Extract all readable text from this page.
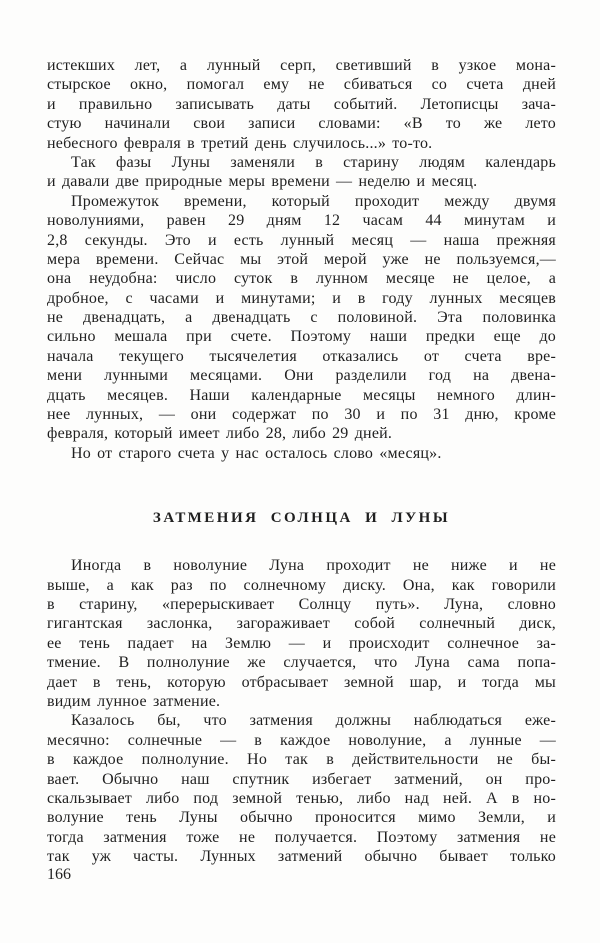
истекших лет, а лунный серп, светивший в узкое мона-
стырское окно, помогал ему не сбиваться со счета дней
и правильно записывать даты событий. Летописцы зача-
стую начинали свои записи словами: «В то же лето
небесного февраля в третий день случилось...» то-то.
Так фазы Луны заменяли в старину людям календарь
и давали две природные меры времени — неделю и месяц.
Промежуток времени, который проходит между двумя
новолуниями, равен 29 дням 12 часам 44 минутам и
2,8 секунды. Это и есть лунный месяц — наша прежняя
мера времени. Сейчас мы этой мерой уже не пользуемся,—
она неудобна: число суток в лунном месяце не целое, а
дробное, с часами и минутами; и в году лунных месяцев
не двенадцать, а двенадцать с половиной. Эта половинка
сильно мешала при счете. Поэтому наши предки еще до
начала текущего тысячелетия отказались от счета вре-
мени лунными месяцами. Они разделили год на двена-
дцать месяцев. Наши календарные месяцы немного длин-
нее лунных, — они содержат по 30 и по 31 дню, кроме
февраля, который имеет либо 28, либо 29 дней.
Но от старого счета у нас осталось слово «месяц».
ЗАТМЕНИЯ СОЛНЦА И ЛУНЫ
Иногда в новолуние Луна проходит не ниже и не
выше, а как раз по солнечному диску. Она, как говорили
в старину, «перерыскивает Солнцу путь». Луна, словно
гигантская заслонка, загораживает собой солнечный диск,
ее тень падает на Землю — и происходит солнечное за-
тмение. В полнолуние же случается, что Луна сама попа-
дает в тень, которую отбрасывает земной шар, и тогда мы
видим лунное затмение.
Казалось бы, что затмения должны наблюдаться еже-
месячно: солнечные — в каждое новолуние, а лунные —
в каждое полнолуние. Но так в действительности не бы-
вает. Обычно наш спутник избегает затмений, он про-
скальзывает либо под земной тенью, либо над ней. А в но-
волуние тень Луны обычно проносится мимо Земли, и
тогда затмения тоже не получается. Поэтому затмения не
так уж часты. Лунных затмений обычно бывает только
166
